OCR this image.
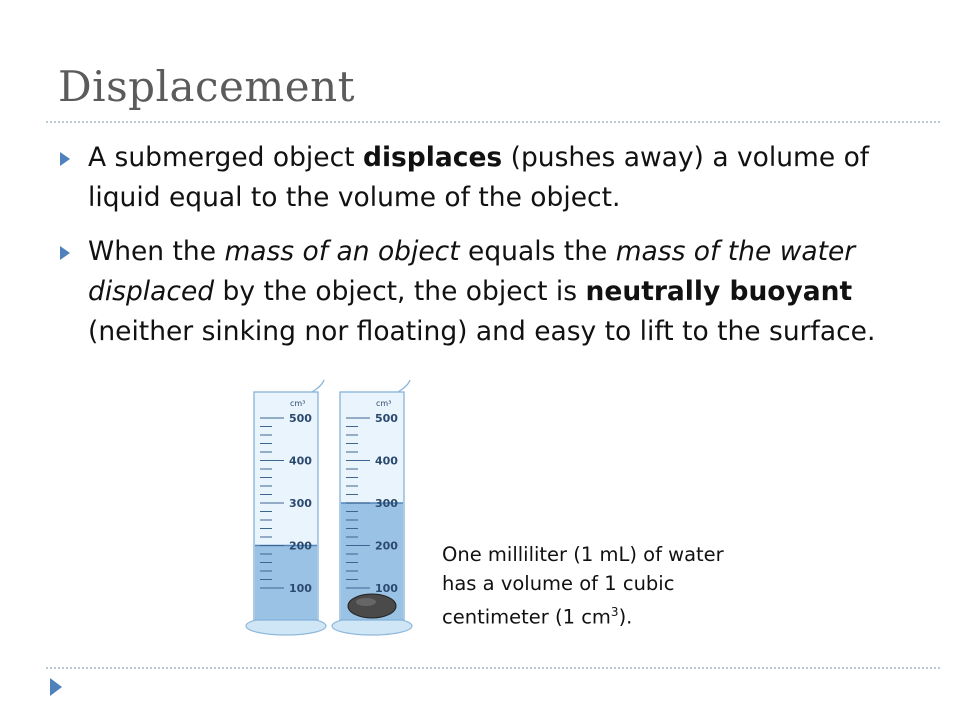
Displacement
A submerged object displaces (pushes away) a volume of liquid equal to the volume of the object.
When the mass of an object equals the mass of the water displaced by the object, the object is neutrally buoyant (neither sinking nor floating) and easy to lift to the surface.
cm³
500
400
300
200
100
cm³
500
400
300
200
100
One milliliter (1 mL) of water has a volume of 1 cubic centimeter (1 $cm^3$).
